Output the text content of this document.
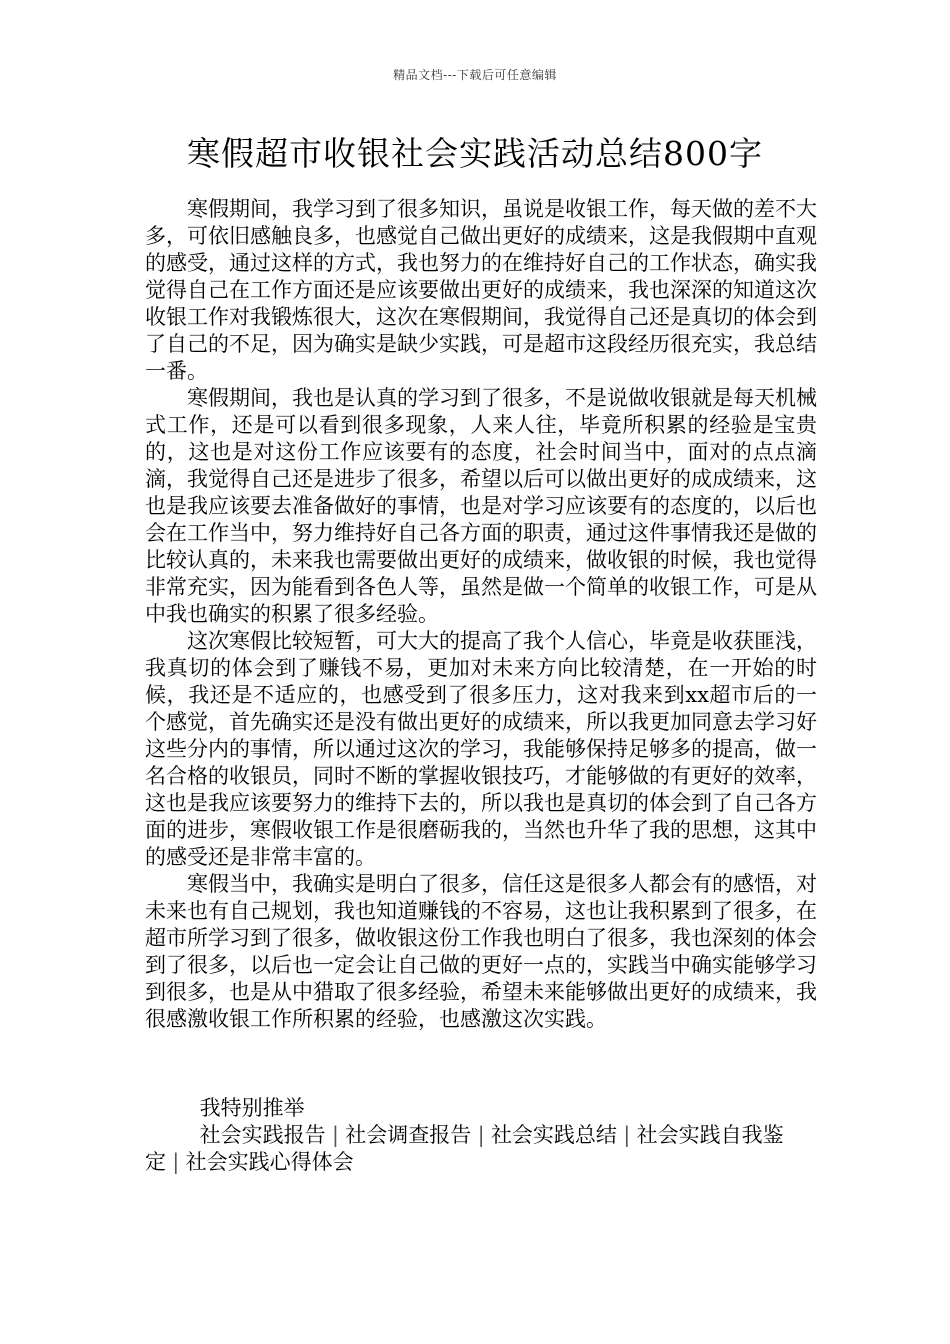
精品文档---下载后可任意编辑
寒假超市收银社会实践活动总结800字

寒假期间，我学习到了很多知识，虽说是收银工作，每天做的差不大多，可依旧感触良多，也感觉自己做出更好的成绩来，这是我假期中直观的感受，通过这样的方式，我也努力的在维持好自己的工作状态，确实我觉得自己在工作方面还是应该要做出更好的成绩来，我也深深的知道这次收银工作对我锻炼很大，这次在寒假期间，我觉得自己还是真切的体会到了自己的不足，因为确实是缺少实践，可是超市这段经历很充实，我总结一番。

寒假期间，我也是认真的学习到了很多，不是说做收银就是每天机械式工作，还是可以看到很多现象，人来人往，毕竟所积累的经验是宝贵的，这也是对这份工作应该要有的态度，社会时间当中，面对的点点滴滴，我觉得自己还是进步了很多，希望以后可以做出更好的成成绩来，这也是我应该要去准备做好的事情，也是对学习应该要有的态度的，以后也会在工作当中，努力维持好自己各方面的职责，通过这件事情我还是做的比较认真的，未来我也需要做出更好的成绩来，做收银的时候，我也觉得非常充实，因为能看到各色人等，虽然是做一个简单的收银工作，可是从中我也确实的积累了很多经验。

这次寒假比较短暂，可大大的提高了我个人信心，毕竟是收获匪浅，我真切的体会到了赚钱不易，更加对未来方向比较清楚，在一开始的时候，我还是不适应的，也感受到了很多压力，这对我来到xx超市后的一个感觉，首先确实还是没有做出更好的成绩来，所以我更加同意去学习好这些分内的事情，所以通过这次的学习，我能够保持足够多的提高，做一名合格的收银员，同时不断的掌握收银技巧，才能够做的有更好的效率，这也是我应该要努力的维持下去的，所以我也是真切的体会到了自己各方面的进步，寒假收银工作是很磨砺我的，当然也升华了我的思想，这其中的感受还是非常丰富的。

寒假当中，我确实是明白了很多，信任这是很多人都会有的感悟，对未来也有自己规划，我也知道赚钱的不容易，这也让我积累到了很多，在超市所学习到了很多，做收银这份工作我也明白了很多，我也深刻的体会到了很多，以后也一定会让自己做的更好一点的，实践当中确实能够学习到很多，也是从中猎取了很多经验，希望未来能够做出更好的成绩来，我很感激收银工作所积累的经验，也感激这次实践。

我特别推举

社会实践报告 | 社会调查报告 | 社会实践总结 | 社会实践自我鉴定 | 社会实践心得体会
